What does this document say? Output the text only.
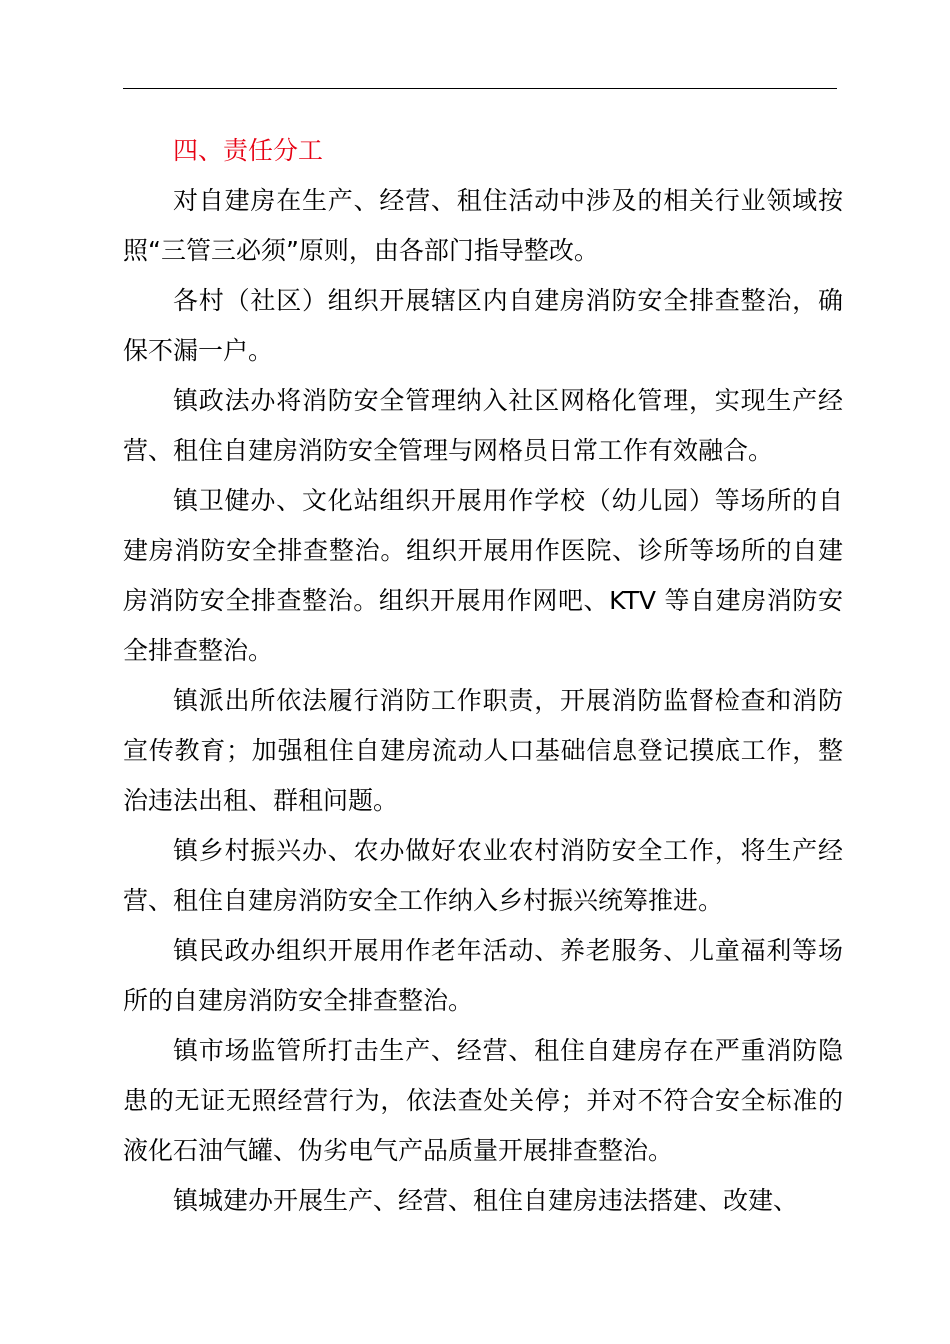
四、责任分工

对自建房在生产、经营、租住活动中涉及的相关行业领域按照“三管三必须”原则，由各部门指导整改。

各村（社区）组织开展辖区内自建房消防安全排查整治，确保不漏一户。

镇政法办将消防安全管理纳入社区网格化管理，实现生产经营、租住自建房消防安全管理与网格员日常工作有效融合。

镇卫健办、文化站组织开展用作学校（幼儿园）等场所的自建房消防安全排查整治。组织开展用作医院、诊所等场所的自建房消防安全排查整治。组织开展用作网吧、KTV 等自建房消防安全排查整治。

镇派出所依法履行消防工作职责，开展消防监督检查和消防宣传教育；加强租住自建房流动人口基础信息登记摸底工作，整治违法出租、群租问题。

镇乡村振兴办、农办做好农业农村消防安全工作，将生产经营、租住自建房消防安全工作纳入乡村振兴统筹推进。

镇民政办组织开展用作老年活动、养老服务、儿童福利等场所的自建房消防安全排查整治。

镇市场监管所打击生产、经营、租住自建房存在严重消防隐患的无证无照经营行为，依法查处关停；并对不符合安全标准的液化石油气罐、伪劣电气产品质量开展排查整治。

镇城建办开展生产、经营、租住自建房违法搭建、改建、
